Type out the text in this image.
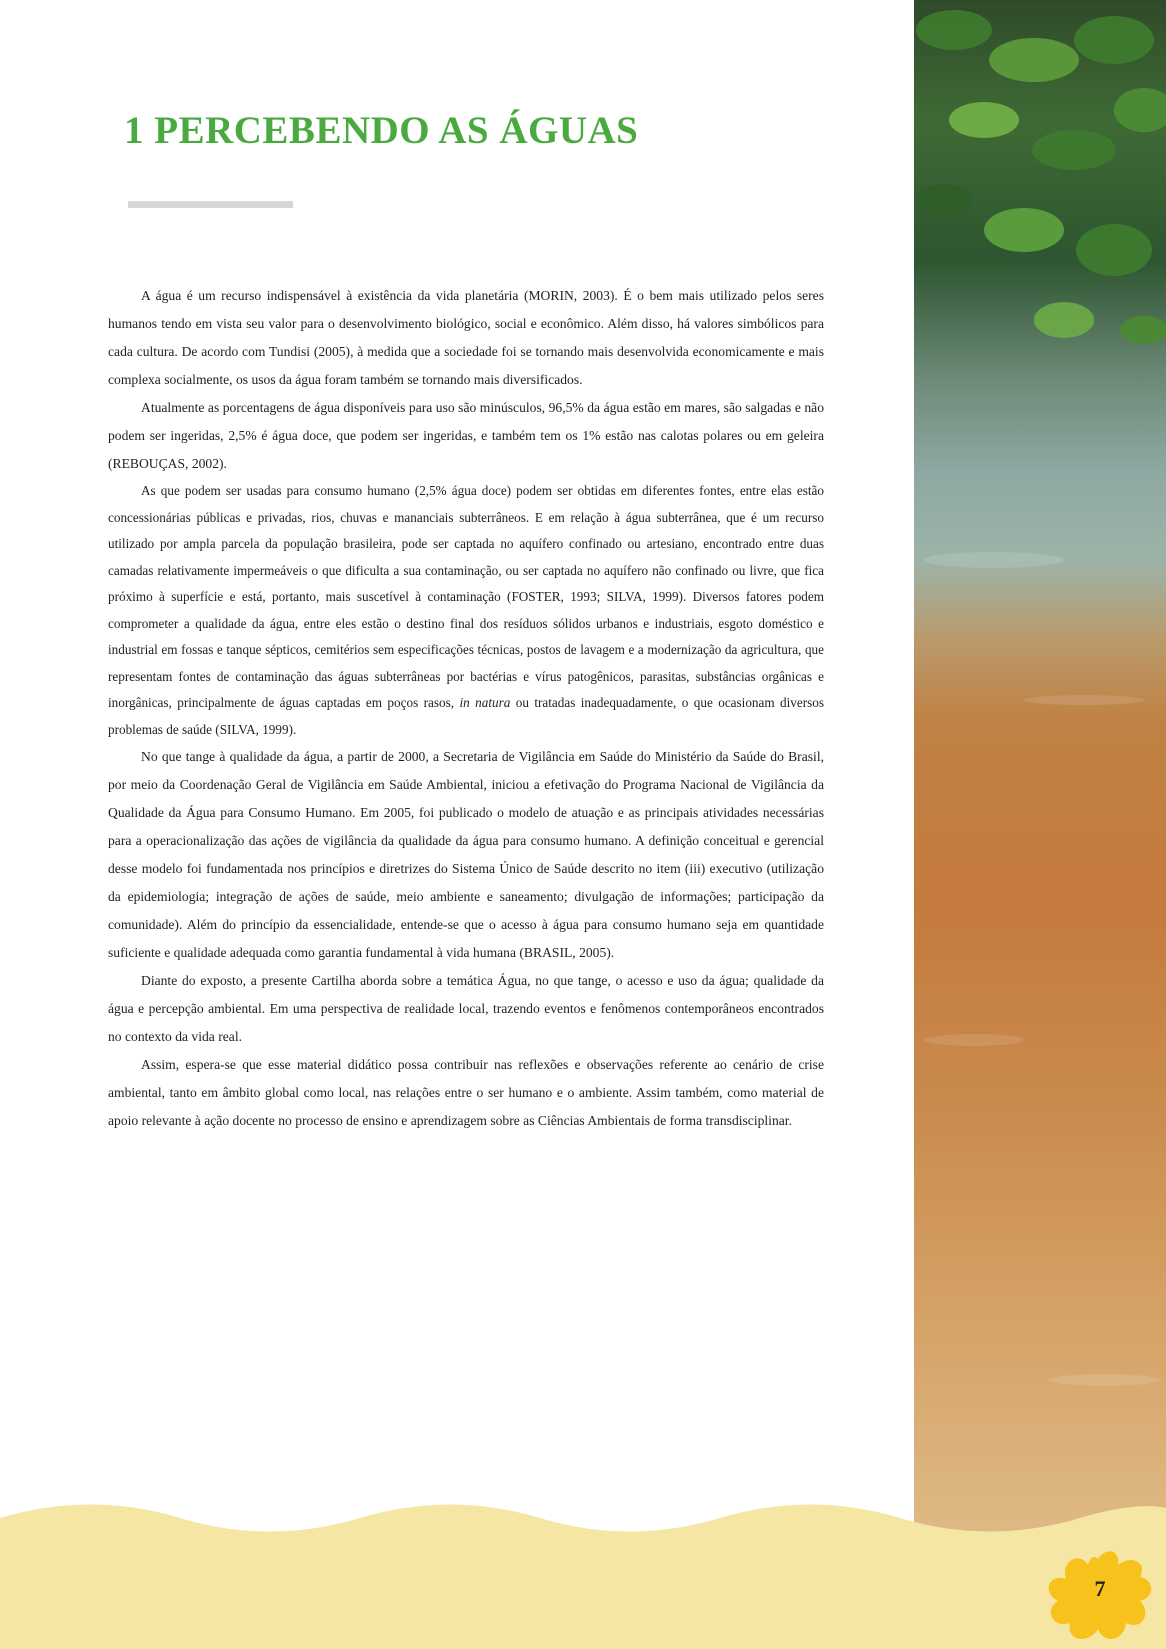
1 PERCEBENDO AS ÁGUAS

A água é um recurso indispensável à existência da vida planetária (MORIN, 2003). É o bem mais utilizado pelos seres humanos tendo em vista seu valor para o desenvolvimento biológico, social e econômico. Além disso, há valores simbólicos para cada cultura. De acordo com Tundisi (2005), à medida que a sociedade foi se tornando mais desenvolvida economicamente e mais complexa socialmente, os usos da água foram também se tornando mais diversificados.

Atualmente as porcentagens de água disponíveis para uso são minúsculos, 96,5% da água estão em mares, são salgadas e não podem ser ingeridas, 2,5% é água doce, que podem ser ingeridas, e também tem os 1% estão nas calotas polares ou em geleira (REBOUÇAS, 2002).

As que podem ser usadas para consumo humano (2,5% água doce) podem ser obtidas em diferentes fontes, entre elas estão concessionárias públicas e privadas, rios, chuvas e mananciais subterrâneos. E em relação à água subterrânea, que é um recurso utilizado por ampla parcela da população brasileira, pode ser captada no aquífero confinado ou artesiano, encontrado entre duas camadas relativamente impermeáveis o que dificulta a sua contaminação, ou ser captada no aquífero não confinado ou livre, que fica próximo à superfície e está, portanto, mais suscetível à contaminação (FOSTER, 1993; SILVA, 1999). Diversos fatores podem comprometer a qualidade da água, entre eles estão o destino final dos resíduos sólidos urbanos e industriais, esgoto doméstico e industrial em fossas e tanque sépticos, cemitérios sem especificações técnicas, postos de lavagem e a modernização da agricultura, que representam fontes de contaminação das águas subterrâneas por bactérias e vírus patogênicos, parasitas, substâncias orgânicas e inorgânicas, principalmente de águas captadas em poços rasos, in natura ou tratadas inadequadamente, o que ocasionam diversos problemas de saúde (SILVA, 1999).

No que tange à qualidade da água, a partir de 2000, a Secretaria de Vigilância em Saúde do Ministério da Saúde do Brasil, por meio da Coordenação Geral de Vigilância em Saúde Ambiental, iniciou a efetivação do Programa Nacional de Vigilância da Qualidade da Água para Consumo Humano. Em 2005, foi publicado o modelo de atuação e as principais atividades necessárias para a operacionalização das ações de vigilância da qualidade da água para consumo humano. A definição conceitual e gerencial desse modelo foi fundamentada nos princípios e diretrizes do Sistema Único de Saúde descrito no item (iii) executivo (utilização da epidemiologia; integração de ações de saúde, meio ambiente e saneamento; divulgação de informações; participação da comunidade). Além do princípio da essencialidade, entende-se que o acesso à água para consumo humano seja em quantidade suficiente e qualidade adequada como garantia fundamental à vida humana (BRASIL, 2005).

Diante do exposto, a presente Cartilha aborda sobre a temática Água, no que tange, o acesso e uso da água; qualidade da água e percepção ambiental. Em uma perspectiva de realidade local, trazendo eventos e fenômenos contemporâneos encontrados no contexto da vida real.

Assim, espera-se que esse material didático possa contribuir nas reflexões e observações referente ao cenário de crise ambiental, tanto em âmbito global como local, nas relações entre o ser humano e o ambiente. Assim também, como material de apoio relevante à ação docente no processo de ensino e aprendizagem sobre as Ciências Ambientais de forma transdisciplinar.

7
